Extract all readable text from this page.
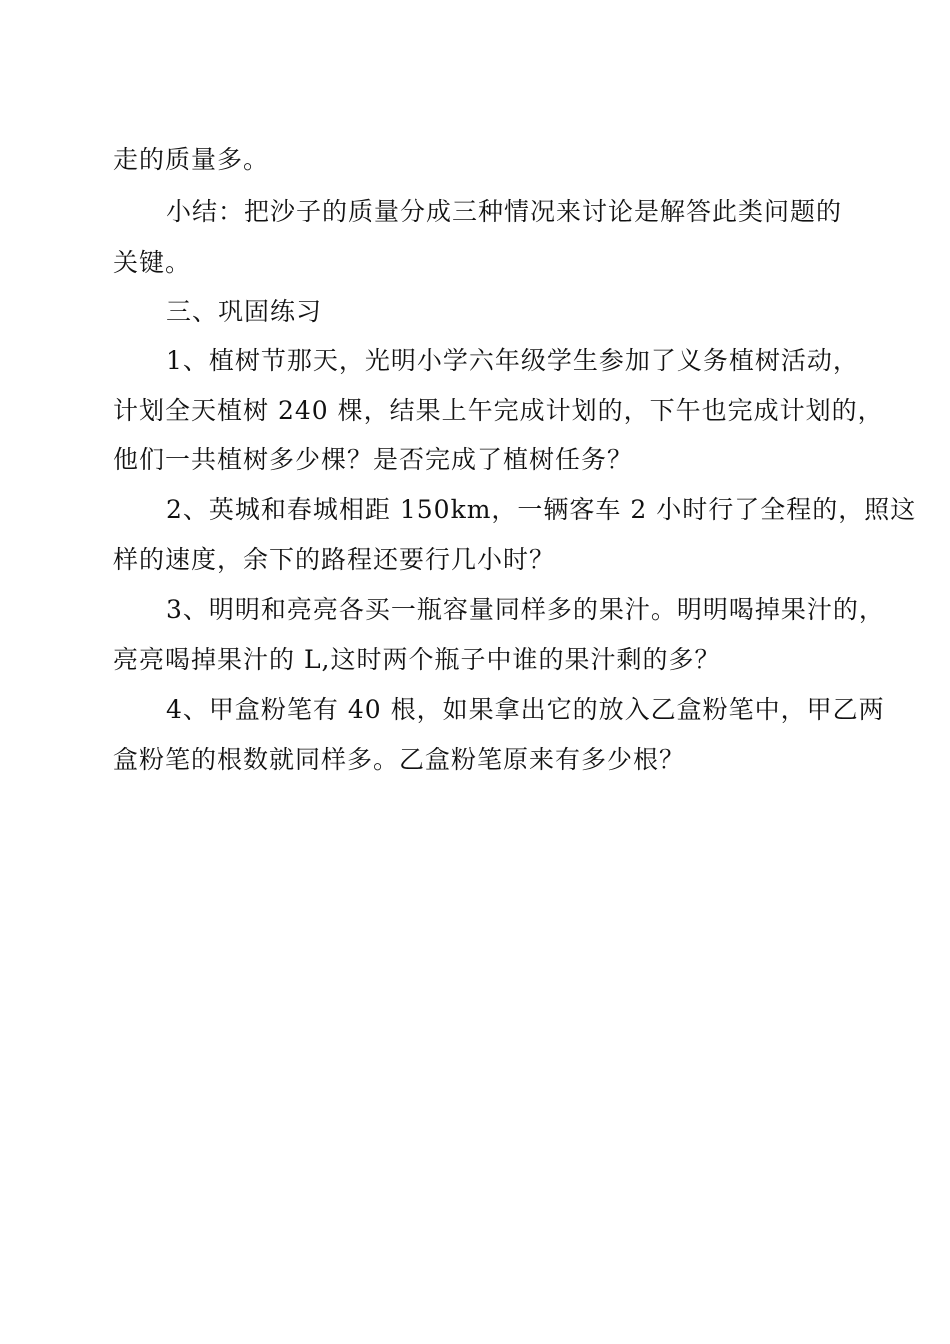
走的质量多。
小结：把沙子的质量分成三种情况来讨论是解答此类问题的
关键。
三、巩固练习
1、植树节那天，光明小学六年级学生参加了义务植树活动，
计划全天植树 240 棵，结果上午完成计划的，下午也完成计划的，
他们一共植树多少棵？是否完成了植树任务？
2、英城和春城相距 150km，一辆客车 2 小时行了全程的，照这
样的速度，余下的路程还要行几小时？
3、明明和亮亮各买一瓶容量同样多的果汁。明明喝掉果汁的，
亮亮喝掉果汁的 L,这时两个瓶子中谁的果汁剩的多？
4、甲盒粉笔有 40 根，如果拿出它的放入乙盒粉笔中，甲乙两
盒粉笔的根数就同样多。乙盒粉笔原来有多少根？
